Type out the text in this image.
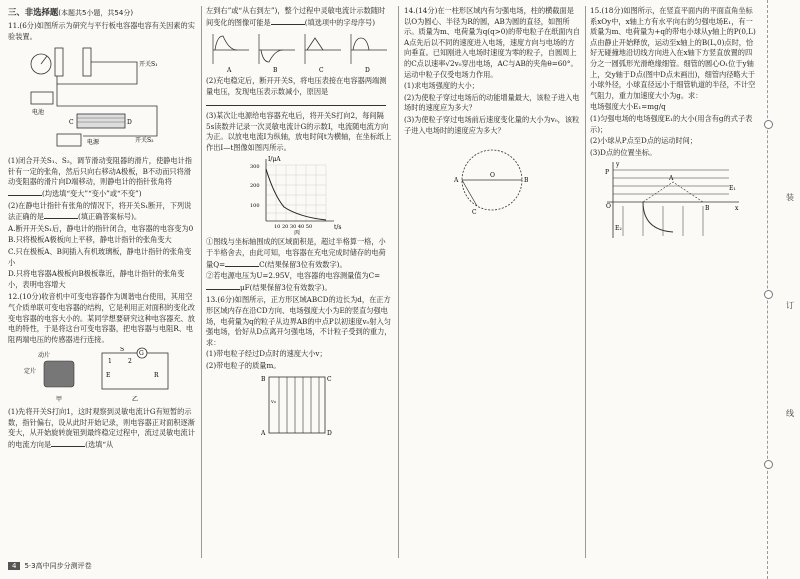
三、非选择题(本题共5小题，共54分)

11.(6分)如图所示为研究与平行板电容器电容有关因素的实验装置。

开关S₁
电池
C	D
电源	开关S₂

(1)闭合开关S₁、S₂，调节滑动变阻器的滑片，使静电计指针有一定的张角，然后只向右移动A极板，B不动而只将滑动变阻器的滑片向D端移动，则静电计的指针张角将(均选填“变大”“变小”或“不变”)

(2)在静电计指针有张角的情况下，将开关S₁断开，下列说法正确的是	(填正确答案标号)。

A.断开开关S₁后，静电计的指针闭合，电容器的电容变为0

B.只将极板A极板向上平移，静电计指针的张角变大

C.只在极板A、B间插入有机玻璃板，静电计指针的张角变小

D.只将电容器A极板向B极板靠近，静电计指针的张角变小，表明电容增大

12.(10分)收音机中可变电容器作为调谐电台使用，其用空气介质单联可变电容器的结构，它是利用正对面积的变化改变电容器的电容大小的。某同学想要研究这种电容器充、放电的特性，于是将这台可变电容器，把电容器与电阻R、电阻两端电压的传感器进行连接。

动片
定片
甲
G
S
1	2
E	R
乙

(1)先将开关S打向1，这时观察到灵敏电流计G有短暂的示数，指针偏右，设从此时开始记录，则电容器正对面积逐渐变大，从开始旋转旋钮到最终稳定过程中，流过灵敏电流计的电流方向是	(选填“从

左到右”或“从右到左”)，整个过程中灵敏电流计示数随时间变化的图像可能是	(填选项中的字母序号)

A	B	C	D

(2)充电稳定后，断开开关S，将电压表接在电容器两端测量电压，发现电压表示数减小，原因是

(3)某次让电源给电容器充电后，将开关S打向2，每间隔5s读数并记录一次灵敏电流计G的示数I，电流随电流方向为正。以放电电流I为纵轴，放电时间t为横轴，在坐标纸上作出I—t图像如图丙所示。

I/μA
t/s
300
200
100
10 20 30 40 50
丙

①图线与坐标轴围成的区域面积是，超过半格算一格，小于半格舍去，由此可知，电容器在充电完成时储存的电荷量Q=	C(结果保留3位有效数字)。

②若电源电压为U=2.95V，电容器的电容测量值为C=μF(结果保留3位有效数字)。

13.(6分)如图所示，正方形区域ABCD的边长为d，在正方形区域内存在沿CD方向、电场强度大小为E的竖直匀强电场，电荷量为q的粒子从边界AB的中点P以初速度v₀射入匀强电场，恰好从D点离开匀强电场，不计粒子受到的重力，求：

(1)带电粒子经过D点时的速度大小v；

(2)带电粒子的质量m。

B	C
A	D
v₀

14.(14分)在一柱形区域内有匀强电场，柱的横截面是以O为圆心、半径为R的圆，AB为圆的直径，如图所示。质量为m、电荷量为q(q>0)的带电粒子在纸面内自A点先后以不同的速度进入电场，速度方向与电场的方向垂直。已知刚进入电场时速度为零的粒子，自圆周上的C点以速率√2v₀穿出电场，AC与AB的夹角θ=60°。运动中粒子仅受电场力作用。

(1)求电场强度的大小；

(2)为使粒子穿过电场后的动能增量最大，该粒子进入电场时的速度应为多大？

(3)为使粒子穿过电场前后速度变化量的大小为v₀，该粒子进入电场时的速度应为多大？

A	B
O
C

15.(18分)如图所示，在竖直平面内的平面直角坐标系xOy中，x轴上方有水平向右的匀强电场E₁，有一质量为m、电荷量为+q的带电小球从y轴上的P(0,L)点由静止开始释放，运动至x轴上的B(L,0)点时，恰好无碰撞地沿切线方向进入在x轴下方竖直放置的四分之一圆弧形光滑绝缘细管。细管的圆心O₁位于y轴上，交y轴于D点(图中D点未画出)，细管内径略大于小球外径，小球直径远小于细管轨道的半径，不计空气阻力，重力加速度大小为g。求：

电场强度大小E₁=mg/q

(1)匀强电场的电场强度E₁的大小(用含有g的式子表示)；

(2)小球从P点至D点的运动时间；

(3)D点的位置坐标。

y
P
A
E₁
O	B	x
E₂
装
订
线
4	5·3高中同步分测评卷
